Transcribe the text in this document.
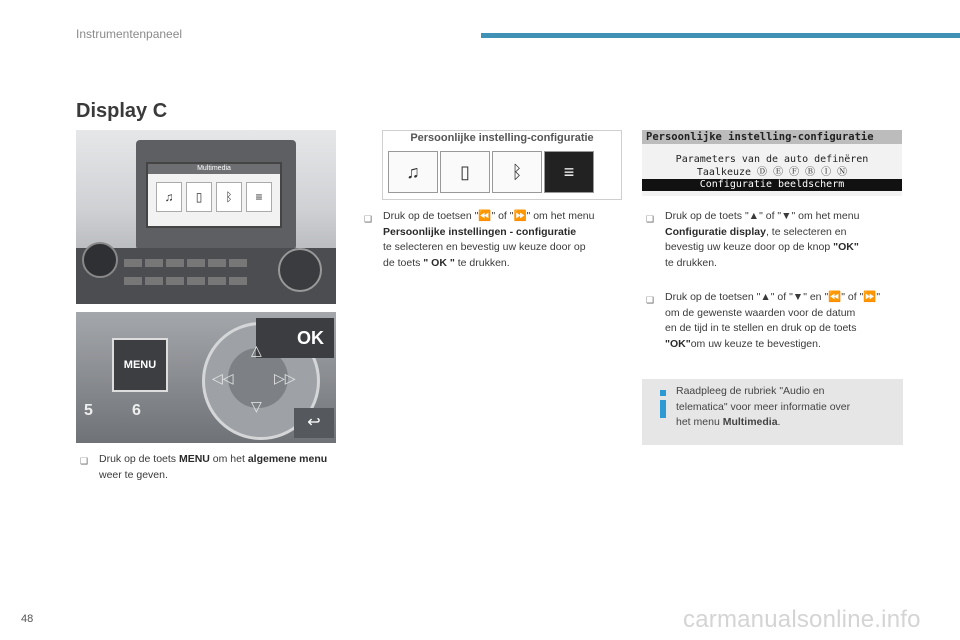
Instrumentenpaneel
Display C
Multimedia
♫	▯	ᛒ	≡
MENU
OK
△
▽
◁◁	▷▷
5 6
↩
Persoonlijke instelling-configuratie
♫	▯	ᛒ	≡
Persoonlijke instelling-configuratie
Parameters van de auto definëren
Taalkeuze Ⓓ Ⓔ Ⓕ Ⓑ Ⓘ Ⓝ
Configuratie beeldscherm
❑ Druk op de toets MENU om het algemene menu weer te geven.
❑ Druk op de toetsen "⏪" of "⏩" om het menu
Persoonlijke instellingen - configuratie
te selecteren en bevestig uw keuze door op
de toets " OK " te drukken.
❑ Druk op de toets "▲" of "▼" om het menu
Configuratie display, te selecteren en
bevestig uw keuze door op de knop "OK"
te drukken.
❑ Druk op de toetsen "▲" of "▼" en "⏪" of "⏩"
om de gewenste waarden voor de datum
en de tijd in te stellen en druk op de toets
"OK"om uw keuze te bevestigen.
Raadpleeg de rubriek "Audio en
telematica" voor meer informatie over
het menu Multimedia.
48	carmanualsonline.info
